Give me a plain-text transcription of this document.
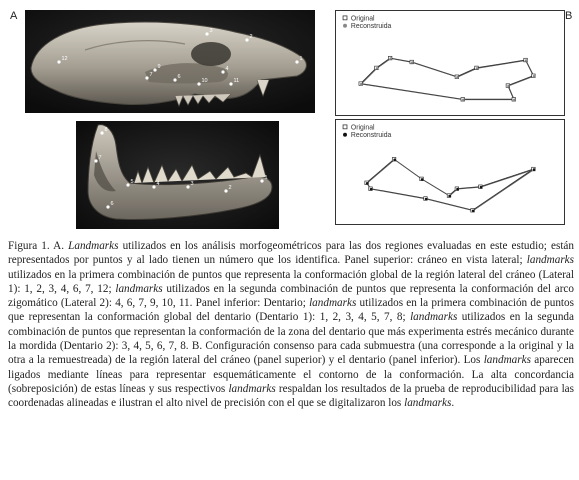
A	B
1
2
3
4
6
7
9
10	11
12
1
2
3
4
5
6
7
8
Original
Reconstruida
Original
Reconstruida

Figura 1. A. Landmarks utilizados en los análisis morfogeométricos para las dos regiones evaluadas en este estudio; están representados por puntos y al lado tienen un número que los identifica. Panel superior: cráneo en vista lateral; landmarks utilizados en la primera combinación de puntos que representa la conformación global de la región lateral del cráneo (Lateral 1): 1, 2, 3, 4, 6, 7, 12; landmarks utilizados en la segunda combinación de puntos que representa la conformación del arco zigomático (Lateral 2): 4, 6, 7, 9, 10, 11. Panel inferior: Dentario; landmarks utilizados en la primera combinación de puntos que representan la conformación global del dentario (Dentario 1): 1, 2, 3, 4, 5, 7, 8; landmarks utilizados en la segunda combinación de puntos que representan la conformación de la zona del dentario que más experimenta estrés mecánico durante la mordida (Dentario 2): 3, 4, 5, 6, 7, 8. B. Configuración consenso para cada submuestra (una corresponde a la original y la otra a la remuestreada) de la región lateral del cráneo (panel superior) y el dentario (panel inferior). Los landmarks aparecen ligados mediante líneas para representar esquemáticamente el contorno de la conformación. La alta concordancia (sobreposición) de estas líneas y sus respectivos landmarks respaldan los resultados de la prueba de reproducibilidad para las coordenadas alineadas e ilustran el alto nivel de precisión con el que se digitalizaron los landmarks.
